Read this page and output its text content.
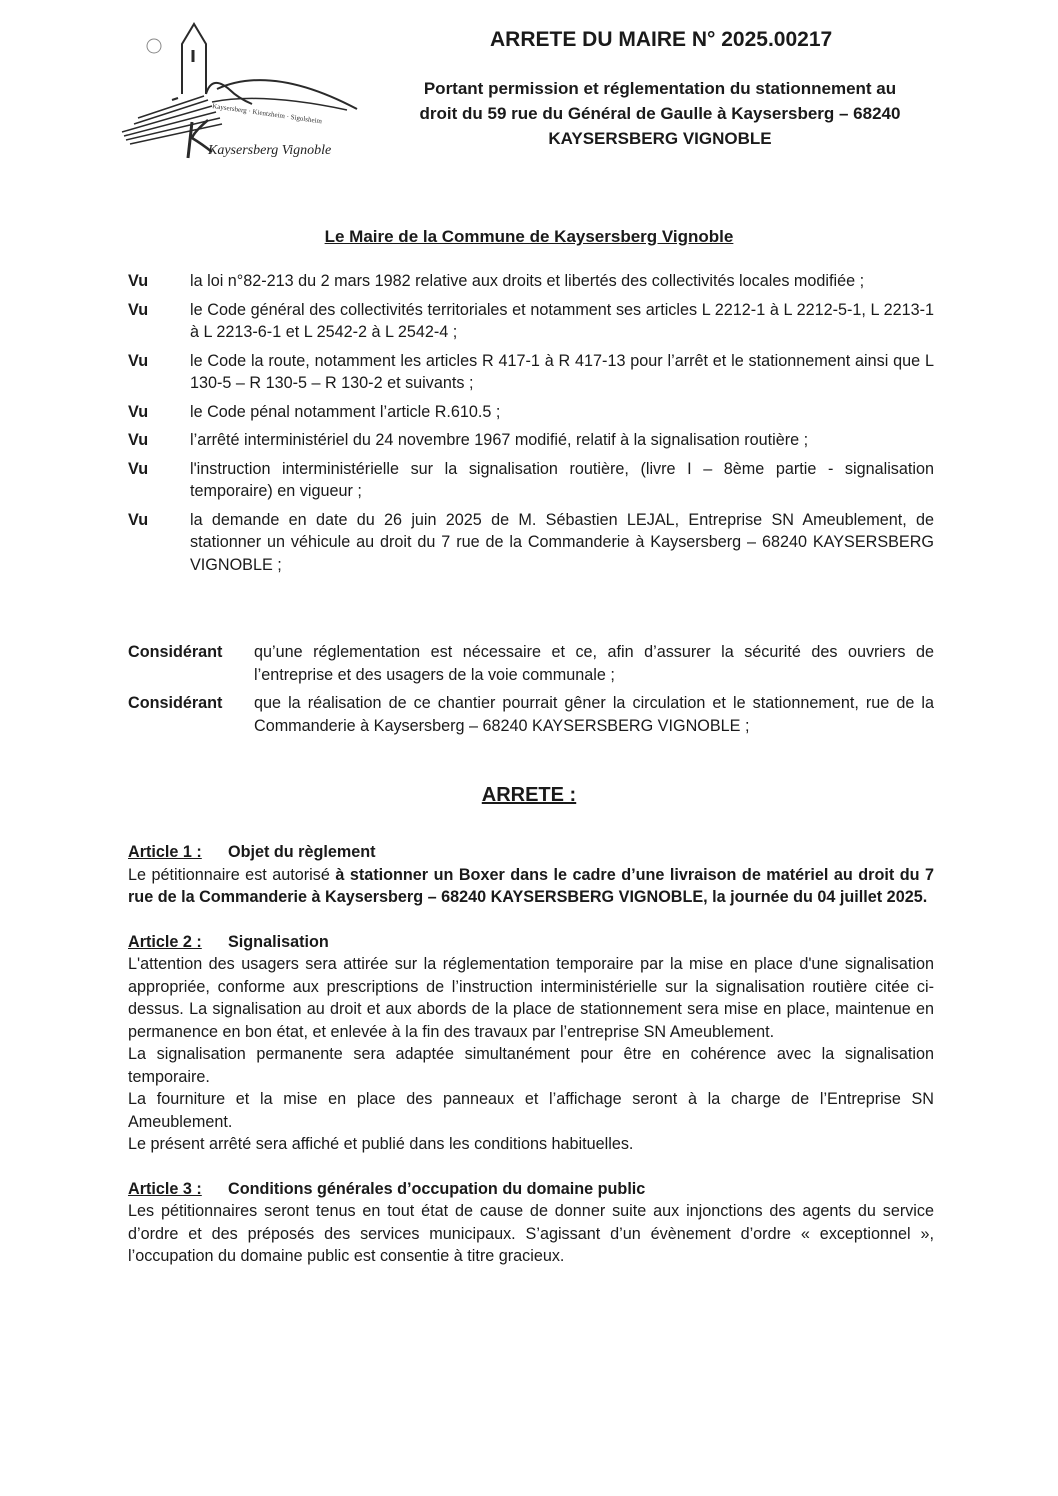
Kaysersberg · Kientzheim · Sigolsheim
Kaysersberg Vignoble
ARRETE DU MAIRE N° 2025.00217

Portant permission et réglementation du stationnement au
droit du 59 rue du Général de Gaulle à Kaysersberg – 68240
KAYSERSBERG VIGNOBLE

Le Maire de la Commune de Kaysersberg Vignoble
Vu	la loi n°82-213 du 2 mars 1982 relative aux droits et libertés des collectivités locales modifiée ;
Vu	le Code général des collectivités territoriales et notamment ses articles L 2212-1 à L 2212-5-1, L 2213-1 à L 2213-6-1 et L 2542-2 à L 2542-4 ;
Vu	le Code la route, notamment les articles R 417-1 à R 417-13 pour l’arrêt et le stationnement ainsi que L 130-5 – R 130-5 – R 130-2 et suivants ;
Vu	le Code pénal notamment l’article R.610.5 ;
Vu	l’arrêté interministériel du 24 novembre 1967 modifié, relatif à la signalisation routière ;
Vu	l'instruction interministérielle sur la signalisation routière, (livre I – 8ème partie - signalisation temporaire) en vigueur ;
Vu	la demande en date du 26 juin 2025 de M. Sébastien LEJAL, Entreprise SN Ameublement, de stationner un véhicule au droit du 7 rue de la Commanderie à Kaysersberg – 68240 KAYSERSBERG VIGNOBLE ;
Considérant	qu’une réglementation est nécessaire et ce, afin d’assurer la sécurité des ouvriers de l’entreprise et des usagers de la voie communale ;
Considérant	que la réalisation de ce chantier pourrait gêner la circulation et le stationnement, rue de la Commanderie à Kaysersberg – 68240 KAYSERSBERG VIGNOBLE ;
ARRETE :
Article 1 :	Objet du règlement

Le pétitionnaire est autorisé à stationner un Boxer dans le cadre d’une livraison de matériel au droit du 7 rue de la Commanderie à Kaysersberg – 68240 KAYSERSBERG VIGNOBLE, la journée du 04 juillet 2025.

Article 2 :	Signalisation

L'attention des usagers sera attirée sur la réglementation temporaire par la mise en place d'une signalisation appropriée, conforme aux prescriptions de l’instruction interministérielle sur la signalisation routière citée ci-dessus. La signalisation au droit et aux abords de la place de stationnement sera mise en place, maintenue en permanence en bon état, et enlevée à la fin des travaux par l’entreprise SN Ameublement.

La signalisation permanente sera adaptée simultanément pour être en cohérence avec la signalisation temporaire.

La fourniture et la mise en place des panneaux et l’affichage seront à la charge de l’Entreprise SN Ameublement.

Le présent arrêté sera affiché et publié dans les conditions habituelles.

Article 3 :	Conditions générales d’occupation du domaine public

Les pétitionnaires seront tenus en tout état de cause de donner suite aux injonctions des agents du service d’ordre et des préposés des services municipaux. S’agissant d’un évènement d’ordre « exceptionnel », l’occupation du domaine public est consentie à titre gracieux.
